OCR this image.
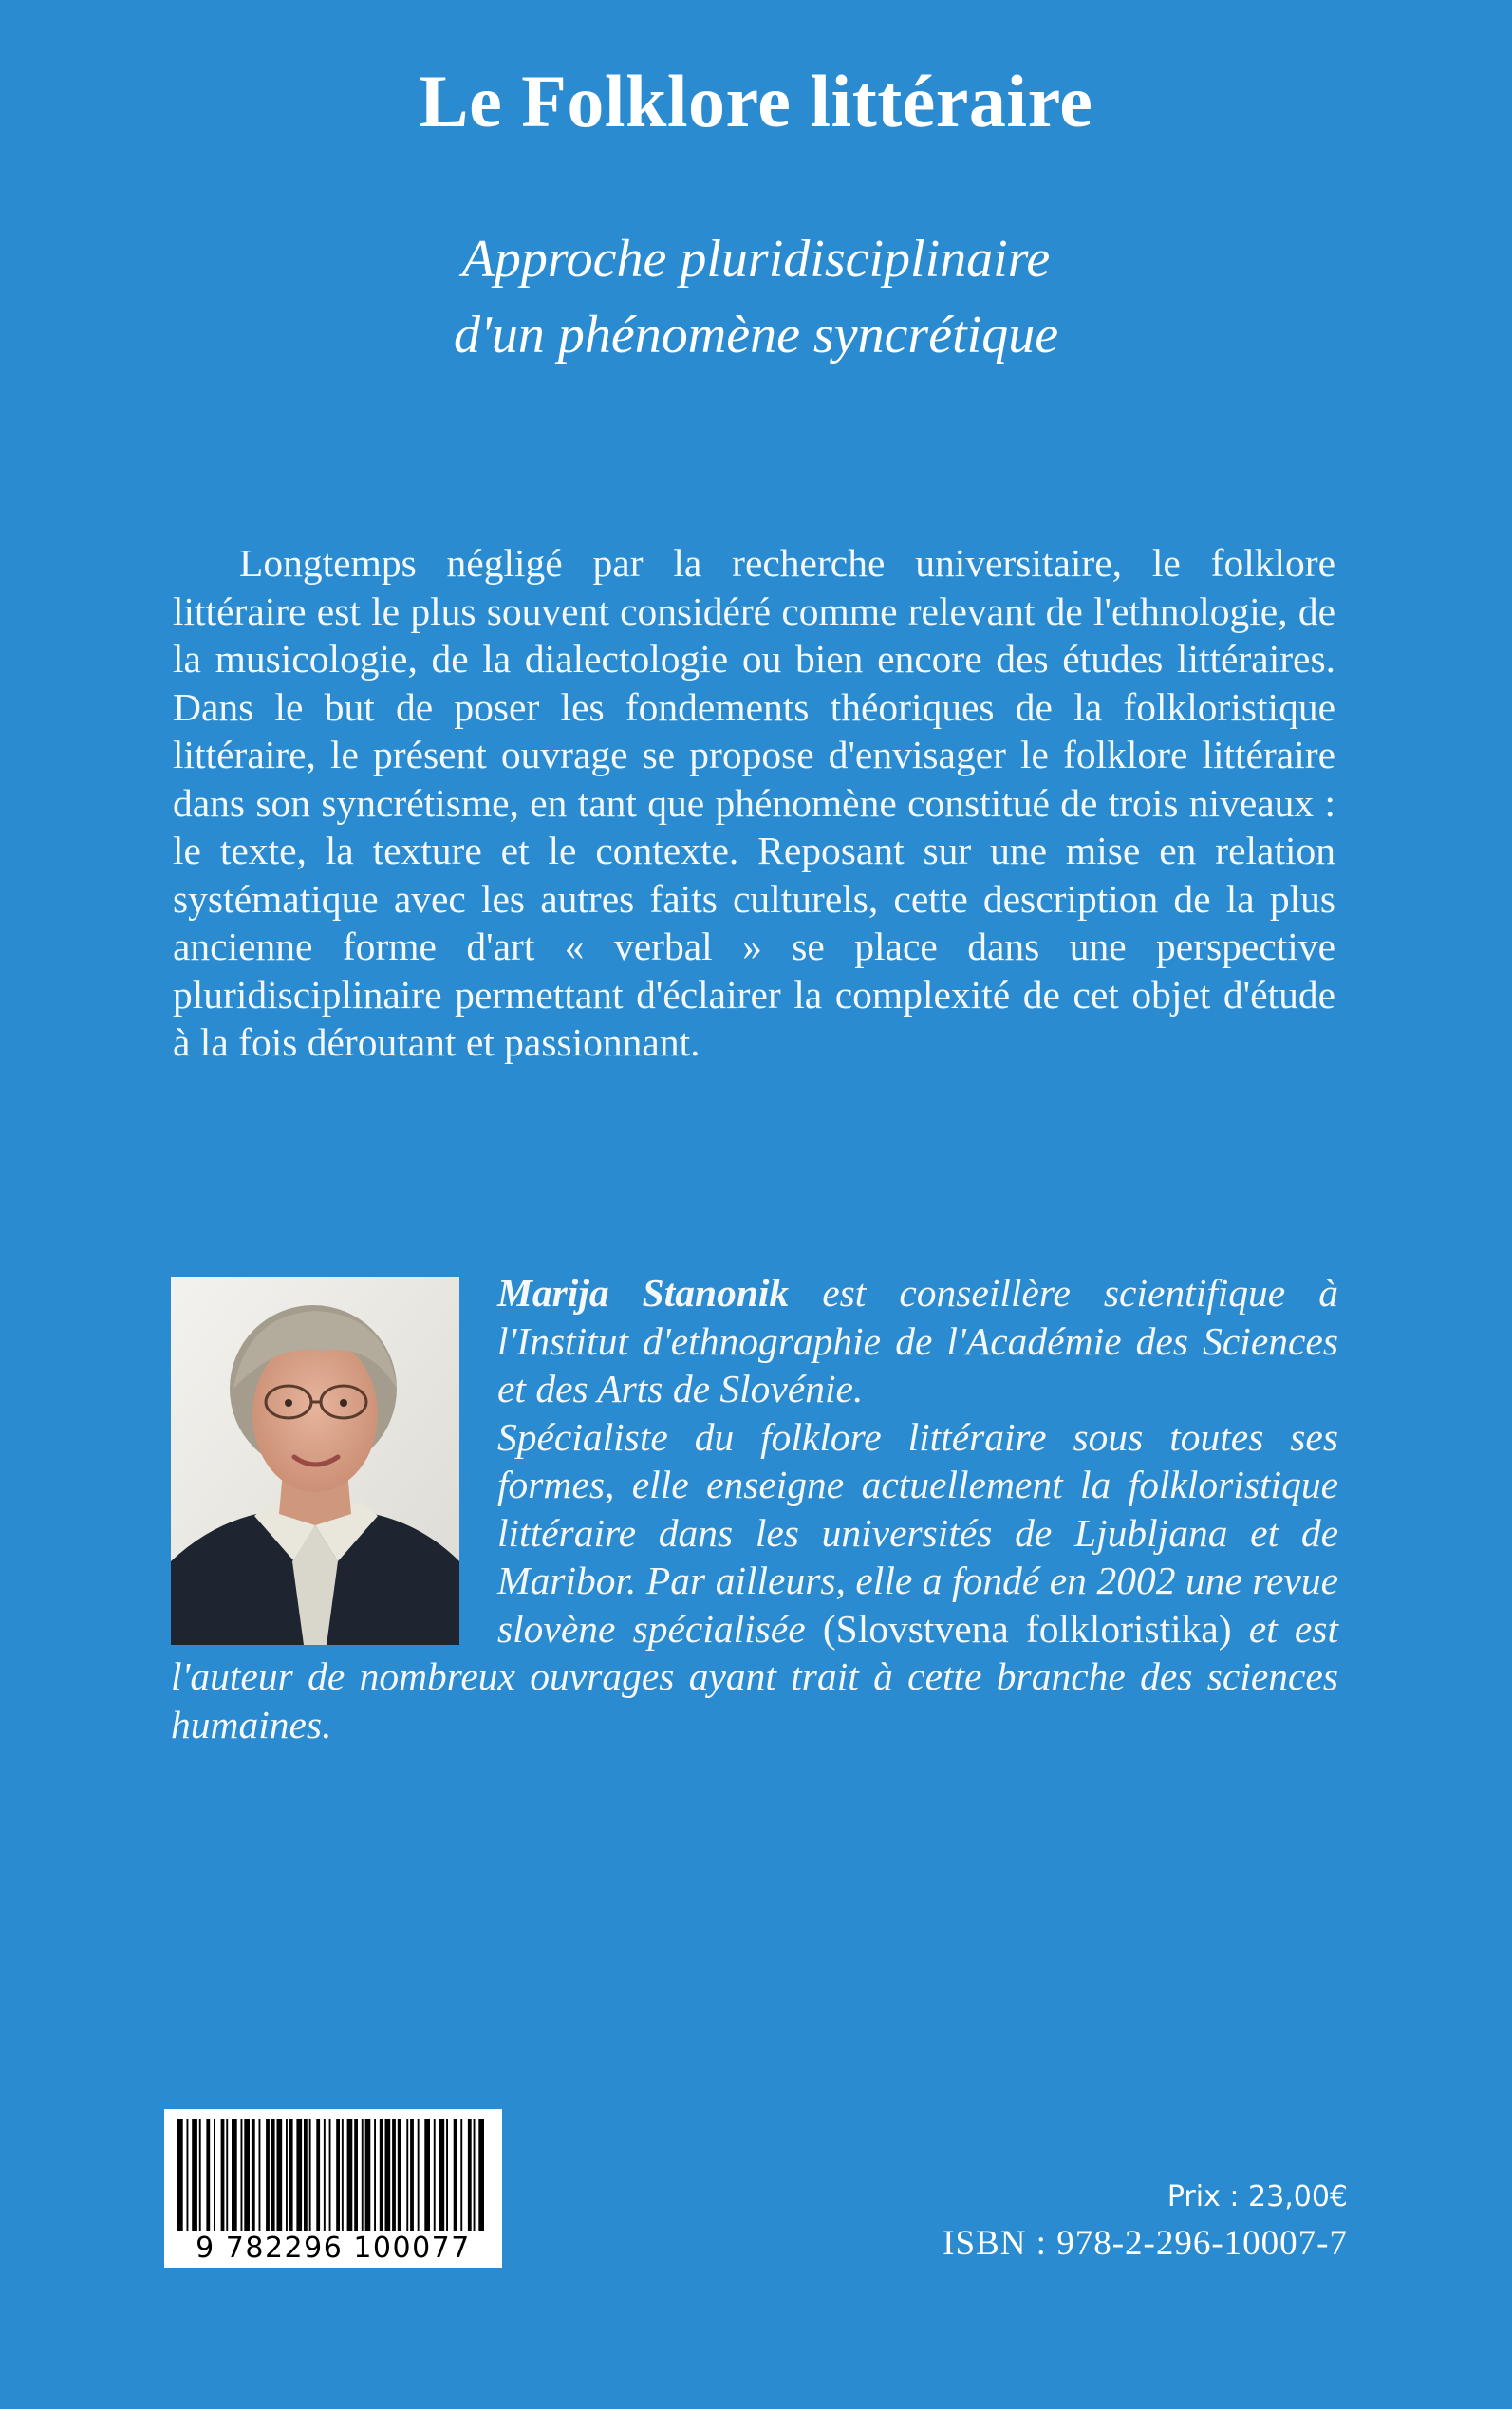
Le Folklore littéraire
Approche pluridisciplinaire
d'un phénomène syncrétique

Longtemps négligé par la recherche universitaire, le folklore littéraire est le plus souvent considéré comme relevant de l'ethnologie, de la musicologie, de la dialectologie ou bien encore des études littéraires. Dans le but de poser les fondements théoriques de la folkloristique littéraire, le présent ouvrage se propose d'envisager le folklore littéraire dans son syncrétisme, en tant que phénomène constitué de trois niveaux : le texte, la texture et le contexte. Reposant sur une mise en relation systématique avec les autres faits culturels, cette description de la plus ancienne forme d'art « verbal » se place dans une perspective pluridisciplinaire permettant d'éclairer la complexité de cet objet d'étude à la fois déroutant et passionnant.

Marija Stanonik est conseillère scientifique à l'Institut d'ethnographie de l'Académie des Sciences et des Arts de Slovénie.

Spécialiste du folklore littéraire sous toutes ses formes, elle enseigne actuellement la folkloristique littéraire dans les universités de Ljubljana et de Maribor. Par ailleurs, elle a fondé en 2002 une revue slovène spécialisée (Slovstvena folkloristika) et est l'auteur de nombreux ouvrages ayant trait à cette branche des sciences humaines.

9 782296 100077
Prix : 23,00€
ISBN : 978-2-296-10007-7
